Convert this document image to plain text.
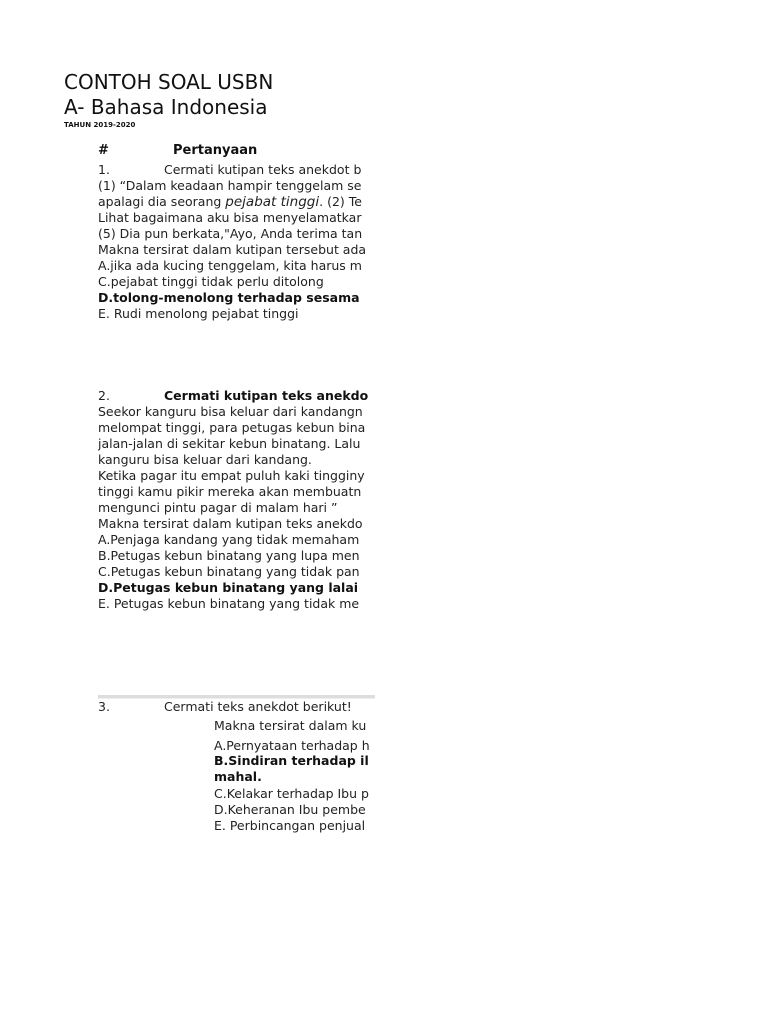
CONTOH SOAL USBN
A- Bahasa Indonesia
TAHUN 2019-2020
#	Pertanyaan
1.	Cermati kutipan teks anekdot b
(1) “Dalam keadaan hampir tenggelam se
apalagi dia seorang pejabat tinggi. (2) Te
Lihat bagaimana aku bisa menyelamatkar
(5) Dia pun berkata,"Ayo, Anda terima tan
Makna tersirat dalam kutipan tersebut ada
A.jika ada kucing tenggelam, kita harus m
C.pejabat tinggi tidak perlu ditolong
D.tolong-menolong terhadap sesama
E. Rudi menolong pejabat tinggi
2.	Cermati kutipan teks anekdo
Seekor kanguru bisa keluar dari kandangn
melompat tinggi, para petugas kebun bina
jalan-jalan di sekitar kebun binatang. Lalu
kanguru bisa keluar dari kandang.
Ketika pagar itu empat puluh kaki tingginy
tinggi kamu pikir mereka akan membuatn
mengunci pintu pagar di malam hari ”
Makna tersirat dalam kutipan teks anekdo
A.Penjaga kandang yang tidak memaham
B.Petugas kebun binatang yang lupa men
C.Petugas kebun binatang yang tidak pan
D.Petugas kebun binatang yang lalai
E. Petugas kebun binatang yang tidak me
3.	Cermati teks anekdot berikut!
Makna tersirat dalam ku
A.Pernyataan terhadap h
B.Sindiran terhadap il
mahal.
C.Kelakar terhadap Ibu p
D.Keheranan Ibu pembe
E. Perbincangan penjual
